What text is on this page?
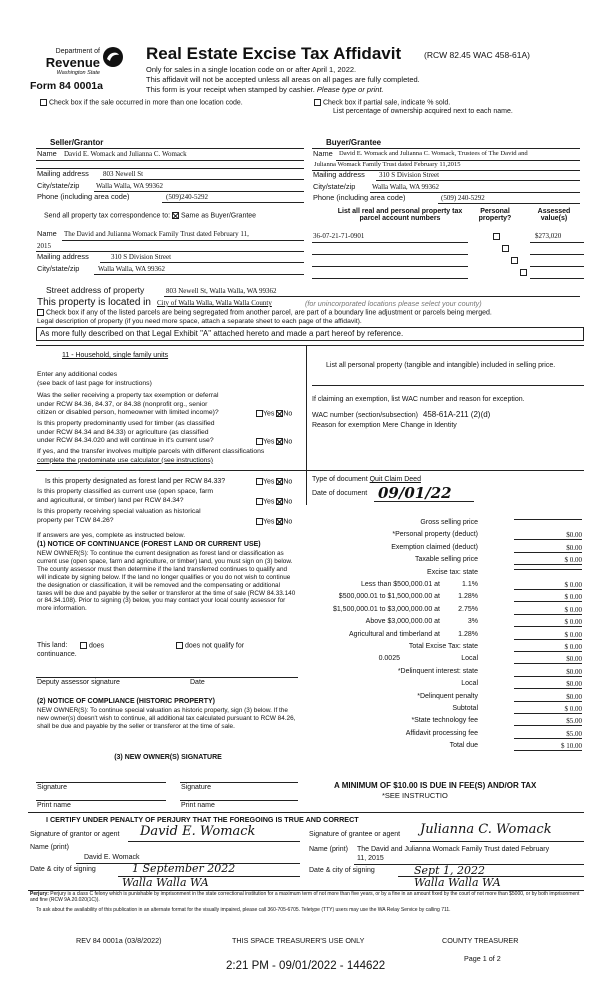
Department of
Revenue
Washington State
Form 84 0001a
Real Estate Excise Tax Affidavit	(RCW 82.45 WAC 458-61A)
Only for sales in a single location code on or after April 1, 2022.
This affidavit will not be accepted unless all areas on all pages are fully completed.
This form is your receipt when stamped by cashier. Please type or print.
Check box if the sale occurred in more than one location code.	Check box if partial sale, indicate % sold.
List percentage of ownership acquired next to each name.
Seller/Grantor
Name David E. Womack and Julianna C. Womack
Mailing address 803 Newell St
City/state/zip Walla Walla, WA 99362
Phone (including area code)	(509)240-5292
Buyer/Grantee
Name David E. Womack and Julianna C. Womack, Trustees of The David and
Julianna Womack Family Trust dated February 11,2015
Mailing address 310 S Division Street
City/state/zip Walla Walla, WA 99362
Phone (including area code)	(509) 240-5292
Send all property tax correspondence to: Same as Buyer/Grantee
Name The David and Julianna Womack Family Trust dated February 11,
2015
Mailing address	310 S Division Street
City/state/zip	Walla Walla, WA 99362
List all real and personal property tax
parcel account numbers
Personal
property?
Assessed
value(s)
36-07-21-71-0901	$273,020

Street address of property	803 Newell St, Walla Walla, WA 99362
This property is located in City of Walla Walla, Walla Walla County	(for unincorporated locations please select your county)
Check box if any of the listed parcels are being segregated from another parcel, are part of a boundary line adjustment or parcels being merged.
Legal description of property (if you need more space, attach a separate sheet to each page of the affidavit).
As more fully described on that Legal Exhibit "A" attached hereto and made a part hereof by reference.
11 - Household, single family units
Enter any additional codes
(see back of last page for instructions)
Was the seller receiving a property tax exemption or deferral
under RCW 84.36, 84.37, or 84.38 (nonprofit org., senior
citizen or disabled person, homeowner with limited income)?	Yes No
Is this property predominantly used for timber (as classified
under RCW 84.34 and 84.33) or agriculture (as classified
under RCW 84.34.020 and will continue in it's current use?	Yes No
If yes, and the transfer involves multiple parcels with different classifications
complete the predominate use calculator (see instructions)
List all personal property (tangible and intangible) included in selling price.
If claiming an exemption, list WAC number and reason for exception.
WAC number (section/subsection) 458-61A-211 (2)(d)
Reason for exemption Mere Change in Identity
Is this property designated as forest land per RCW 84.33?	Yes No
Is this property classified as current use (open space, farm
and agricultural, or timber) land per RCW 84.34?	Yes No
Is this property receiving special valuation as historical
property per TCW 84.26?	Yes No
If answers are yes, complete as instructed below.
(1) NOTICE OF CONTINUANCE (FOREST LAND OR CURRENT USE)
NEW OWNER(S): To continue the current designation as forest land or classification as current use (open space, farm and agriculture, or timber) land, you must sign on (3) below. The county assessor must then determine if the land transferred continues to qualify and will indicate by signing below. If the land no longer qualifies or you do not wish to continue the designation or classification, it will be removed and the compensating or additional taxes will be due and payable by the seller or transferor at the time of sale (RCW 84.33.140 or 84.34.108). Prior to signing (3) below, you may contact your local county assessor for more information.
This land:
continuance.
does	does not qualify for
Deputy assessor signature	Date
(2) NOTICE OF COMPLIANCE (HISTORIC PROPERTY)
NEW OWNER(S): To continue special valuation as historic property, sign (3) below. If the new owner(s) doesn't wish to continue, all additional tax calculated pursuant to RCW 84.26, shall be due and payable by the seller or transferor at the time of sale.
(3) NEW OWNER(S) SIGNATURE
Signature	Signature
Print name	Print name
Type of document Quit Claim Deed
Date of document 09/01/22
Gross selling price
*Personal property (deduct)	$0.00
Exemption claimed (deduct)	$0.00
Taxable selling price	$ 0.00
Excise tax: state
Less than $500,000.01 at	1.1%	$ 0.00
$500,000.01 to $1,500,000.00 at	1.28%	$ 0.00
$1,500,000.01 to $3,000,000.00 at	2.75%	$ 0.00
Above $3,000,000.00 at	3%	$ 0.00
Agricultural and timberland at	1.28%	$ 0.00
Total Excise Tax: state	$ 0.00
Local
0.0025	$0.00
*Delinquent interest: state	$0.00
Local	$0.00
*Delinquent penalty	$0.00
Subtotal	$ 0.00
*State technology fee	$5.00
Affidavit processing fee	$5.00
Total due	$ 10.00
A MINIMUM OF $10.00 IS DUE IN FEE(S) AND/OR TAX
*SEE INSTRUCTIO
I CERTIFY UNDER PENALTY OF PERJURY THAT THE FOREGOING IS TRUE AND CORRECT
Signature of grantor or agent David E. Womack
Name (print)
David E. Womack
Date & city of signing	1 September 2022
Walla Walla WA
Signature of grantee or agent Julianna C. Womack
Name (print) The David and Julianna Womack Family Trust dated February
11, 2015
Date & city of signing	Sept 1, 2022
Walla Walla WA
Perjury: Perjury is a class C felony which is punishable by imprisonment in the state correctional institution for a maximum term of not more than five years, or by a fine in an amount fixed by the court of not more than $5000, or by both imprisonment and fine (RCW 9A.20.020(1C)).
To ask about the availability of this publication in an alternate format for the visually impaired, please call 360-705-6705. Teletype (TTY) users may use the WA Relay Service by calling 711.
REV 84 0001a (03/8/2022)	THIS SPACE TREASURER'S USE ONLY	COUNTY TREASURER
Page 1 of 2
2:21 PM - 09/01/2022 - 144622
